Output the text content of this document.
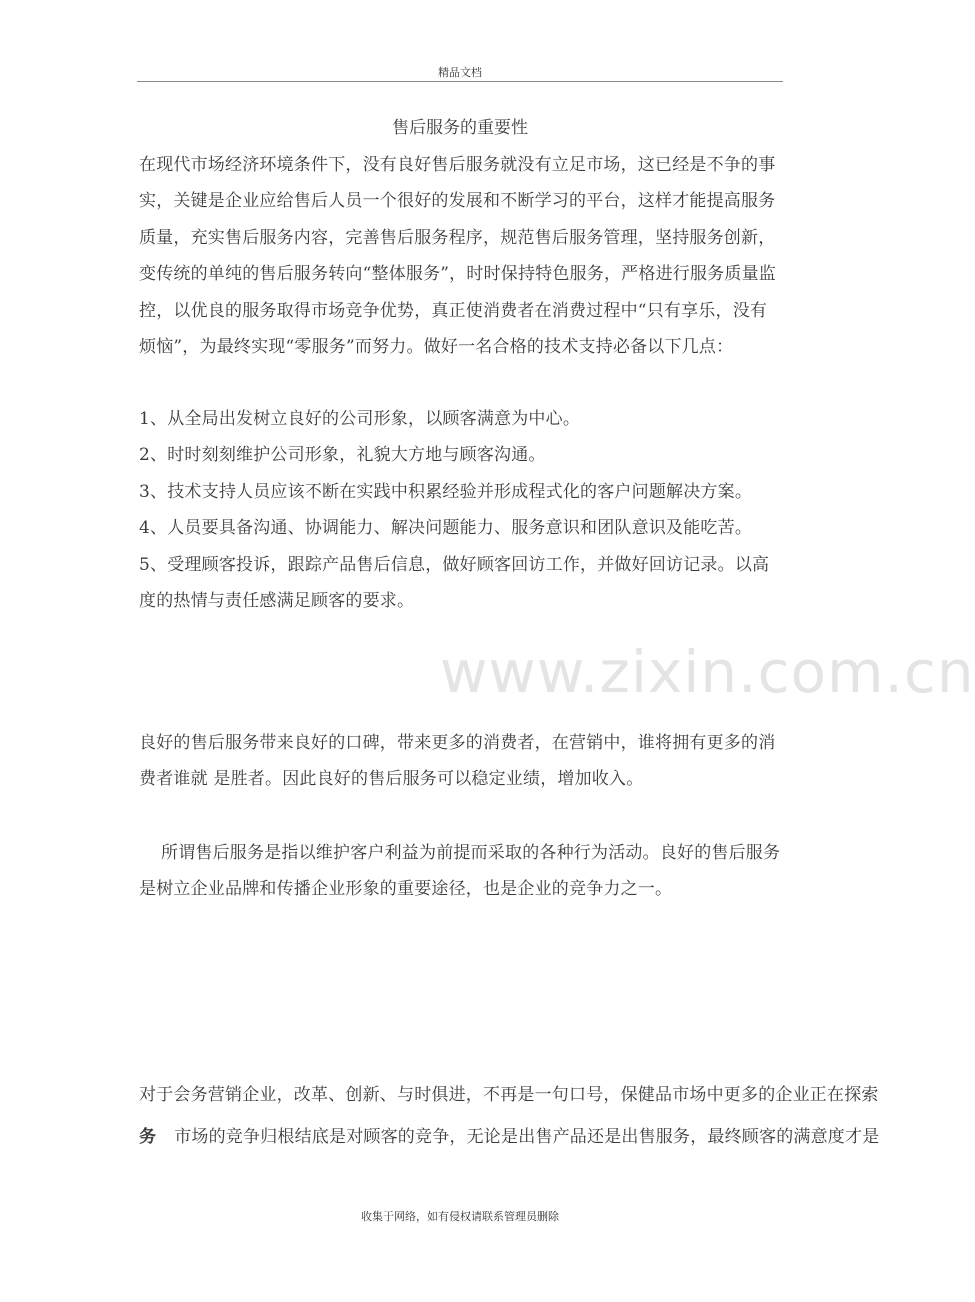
精品文档
售后服务的重要性
在现代市场经济环境条件下，没有良好售后服务就没有立足市场，这已经是不争的事实，关键是企业应给售后人员一个很好的发展和不断学习的平台，这样才能提高服务质量，充实售后服务内容，完善售后服务程序，规范售后服务管理，坚持服务创新，变传统的单纯的售后服务转向“整体服务”，时时保持特色服务，严格进行服务质量监控，以优良的服务取得市场竞争优势，真正使消费者在消费过程中“只有享乐，没有烦恼”，为最终实现“零服务”而努力。做好一名合格的技术支持必备以下几点：
1、从全局出发树立良好的公司形象，以顾客满意为中心。
2、时时刻刻维护公司形象，礼貌大方地与顾客沟通。
3、技术支持人员应该不断在实践中积累经验并形成程式化的客户问题解决方案。
4、人员要具备沟通、协调能力、解决问题能力、服务意识和团队意识及能吃苦。
5、受理顾客投诉，跟踪产品售后信息，做好顾客回访工作，并做好回访记录。以高度的热情与责任感满足顾客的要求。
良好的售后服务带来良好的口碑，带来更多的消费者，在营销中，谁将拥有更多的消费者谁就 是胜者。因此良好的售后服务可以稳定业绩，增加收入。
所谓售后服务是指以维护客户利益为前提而采取的各种行为活动。良好的售后服务是树立企业品牌和传播企业形象的重要途径，也是企业的竞争力之一。
对于会务营销企业，改革、创新、与时俱进，不再是一句口号，保健品市场中更多的企业正在探索
务 市场的竞争归根结底是对顾客的竞争，无论是出售产品还是出售服务，最终顾客的满意度才是
www.zixin.com.cn
收集于网络，如有侵权请联系管理员删除
